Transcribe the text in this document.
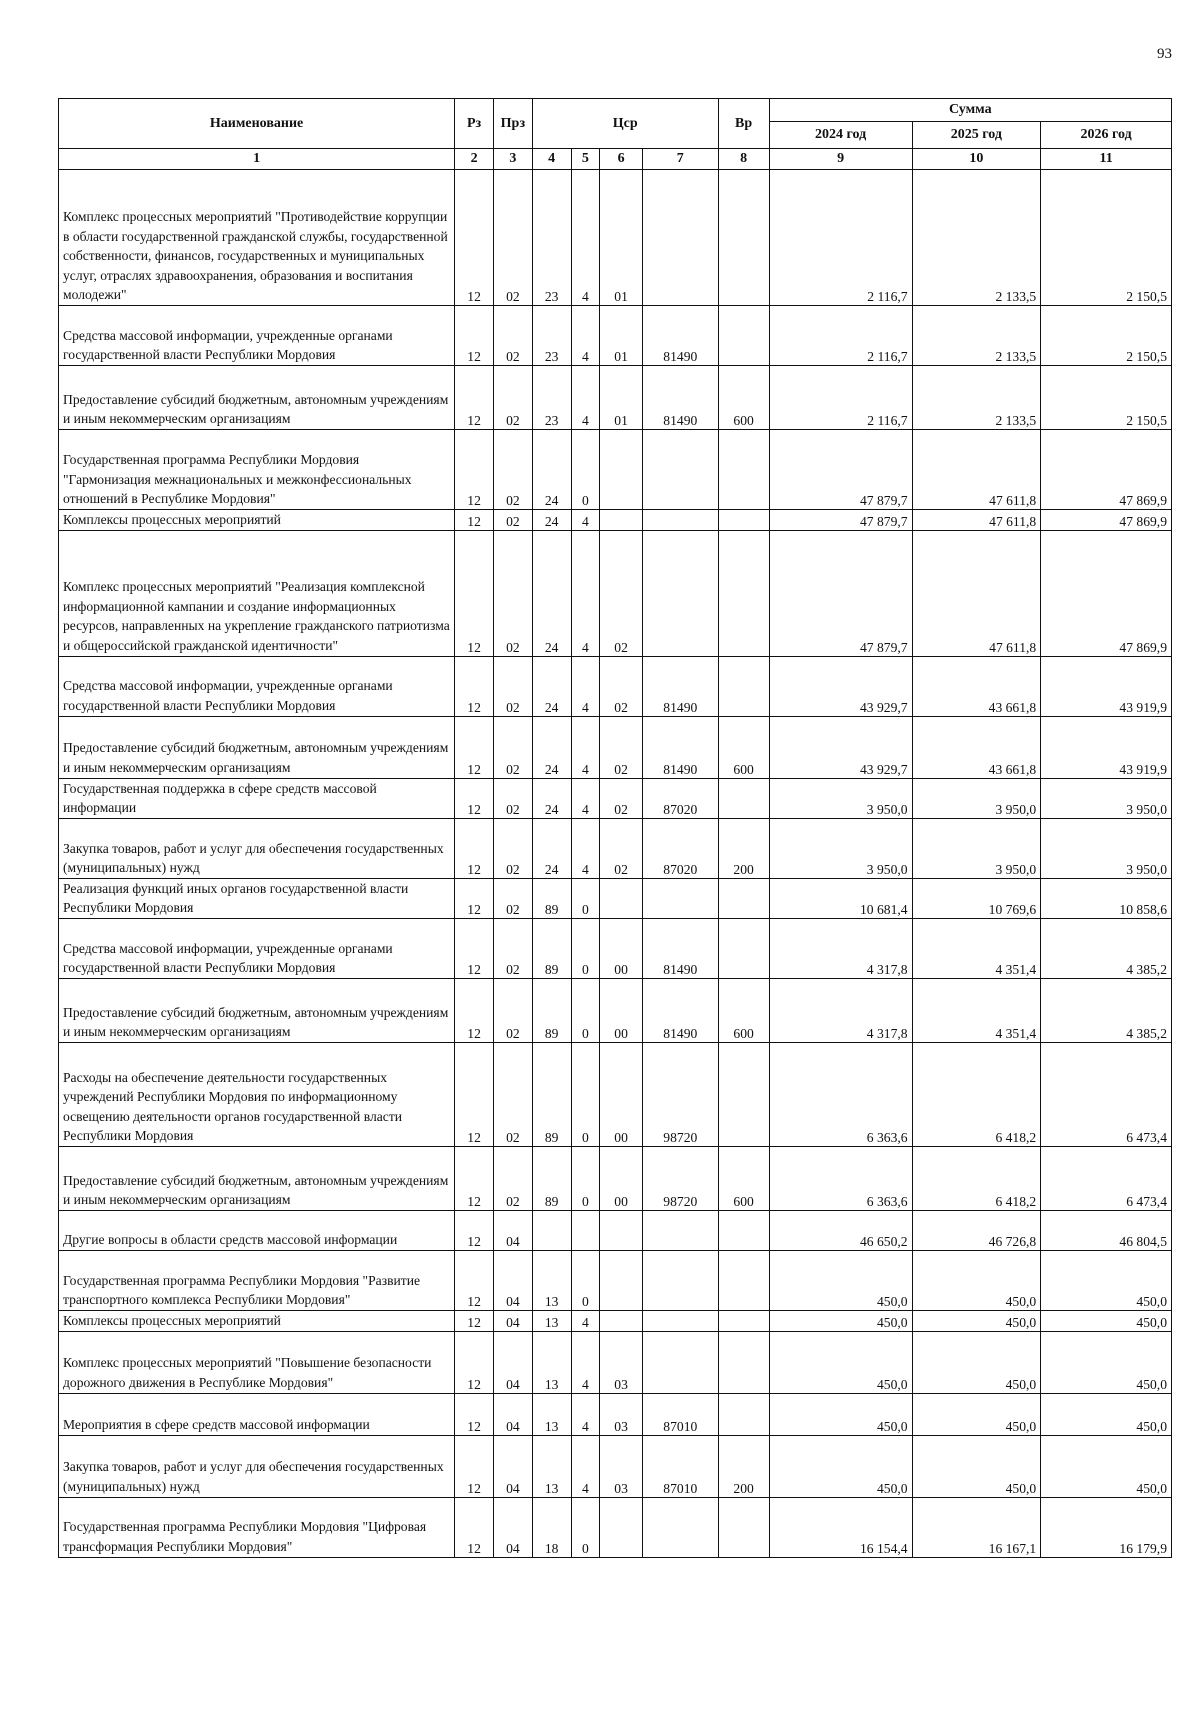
93
Наименование	Рз	Прз	Цср				Вр	Сумма		
								2024 год	2025 год	2026 год
1	2	3	4	5	6	7	8	9	10	11
Комплекс процессных мероприятий "Противодействие коррупции в области государственной гражданской службы, государственной собственности, финансов, государственных и муниципальных услуг, отраслях здравоохранения, образования и воспитания молодежи"	12	02	23	4	01			2 116,7	2 133,5	2 150,5
Средства массовой информации, учрежденные органами государственной власти Республики Мордовия	12	02	23	4	01	81490		2 116,7	2 133,5	2 150,5
Предоставление субсидий бюджетным, автономным учреждениям и иным некоммерческим организациям	12	02	23	4	01	81490	600	2 116,7	2 133,5	2 150,5
Государственная программа Республики Мордовия "Гармонизация межнациональных и межконфессиональных отношений в Республике Мордовия"	12	02	24	0				47 879,7	47 611,8	47 869,9
Комплексы процессных мероприятий	12	02	24	4				47 879,7	47 611,8	47 869,9
Комплекс процессных мероприятий "Реализация комплексной информационной кампании и создание информационных ресурсов, направленных на укрепление гражданского патриотизма и общероссийской гражданской идентичности"	12	02	24	4	02			47 879,7	47 611,8	47 869,9
Средства массовой информации, учрежденные органами государственной власти Республики Мордовия	12	02	24	4	02	81490		43 929,7	43 661,8	43 919,9
Предоставление субсидий бюджетным, автономным учреждениям и иным некоммерческим организациям	12	02	24	4	02	81490	600	43 929,7	43 661,8	43 919,9
Государственная поддержка в сфере средств массовой информации	12	02	24	4	02	87020		3 950,0	3 950,0	3 950,0
Закупка товаров, работ и услуг для обеспечения государственных (муниципальных) нужд	12	02	24	4	02	87020	200	3 950,0	3 950,0	3 950,0
Реализация функций иных органов государственной власти Республики Мордовия	12	02	89	0				10 681,4	10 769,6	10 858,6
Средства массовой информации, учрежденные органами государственной власти Республики Мордовия	12	02	89	0	00	81490		4 317,8	4 351,4	4 385,2
Предоставление субсидий бюджетным, автономным учреждениям и иным некоммерческим организациям	12	02	89	0	00	81490	600	4 317,8	4 351,4	4 385,2
Расходы на обеспечение деятельности государственных учреждений Республики Мордовия по информационному освещению деятельности органов государственной власти Республики Мордовия	12	02	89	0	00	98720		6 363,6	6 418,2	6 473,4
Предоставление субсидий бюджетным, автономным учреждениям и иным некоммерческим организациям	12	02	89	0	00	98720	600	6 363,6	6 418,2	6 473,4
Другие вопросы в области средств массовой информации	12	04						46 650,2	46 726,8	46 804,5
Государственная программа Республики Мордовия "Развитие транспортного комплекса Республики Мордовия"	12	04	13	0				450,0	450,0	450,0
Комплексы процессных мероприятий	12	04	13	4				450,0	450,0	450,0
Комплекс процессных мероприятий "Повышение безопасности дорожного движения в Республике Мордовия"	12	04	13	4	03			450,0	450,0	450,0
Мероприятия в сфере средств массовой информации	12	04	13	4	03	87010		450,0	450,0	450,0
Закупка товаров, работ и услуг для обеспечения государственных (муниципальных) нужд	12	04	13	4	03	87010	200	450,0	450,0	450,0
Государственная программа Республики Мордовия "Цифровая трансформация Республики Мордовия"	12	04	18	0				16 154,4	16 167,1	16 179,9
